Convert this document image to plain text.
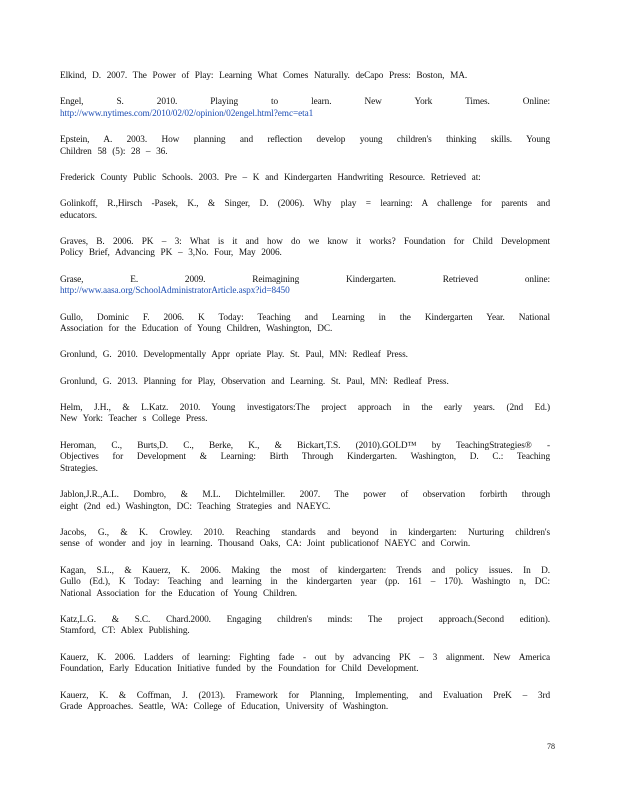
Elkind, D. 2007. The Power of Play: Learning What Comes Naturally. deCapo Press: Boston, MA.
Engel, S. 2010. Playing to learn. New York Times. Online:
http://www.nytimes.com/2010/02/02/opinion/02engel.html?emc=eta1
Epstein, A. 2003. How planning and reflection develop young children's thinking skills. Young
Children 58 (5): 28 – 36.
Frederick County Public Schools. 2003. Pre – K and Kindergarten Handwriting Resource. Retrieved at:
Golinkoff, R.,Hirsch -Pasek, K., & Singer, D. (2006). Why play = learning: A challenge for parents and
educators.
Graves, B. 2006. PK – 3: What is it and how do we know it works? Foundation for Child Development
Policy Brief, Advancing PK – 3,No. Four, May 2006.
Grase, E. 2009. Reimagining Kindergarten. Retrieved online:
http://www.aasa.org/SchoolAdministratorArticle.aspx?id=8450
Gullo, Dominic F. 2006. K Today: Teaching and Learning in the Kindergarten Year. National
Association for the Education of Young Children, Washington, DC.
Gronlund, G. 2010. Developmentally Appr opriate Play. St. Paul, MN: Redleaf Press.
Gronlund, G. 2013. Planning for Play, Observation and Learning. St. Paul, MN: Redleaf Press.
Helm, J.H., & L.Katz. 2010. Young investigators:The project approach in the early years. (2nd Ed.)
New York: Teacher s College Press.
Heroman, C., Burts,D. C., Berke, K., & Bickart,T.S. (2010).GOLD™ by TeachingStrategies® -
Objectives for Development & Learning: Birth Through Kindergarten. Washington, D. C.: Teaching
Strategies.
Jablon,J.R.,A.L. Dombro, & M.L. Dichtelmiller. 2007. The power of observation forbirth through
eight (2nd ed.) Washington, DC: Teaching Strategies and NAEYC.
Jacobs, G., & K. Crowley. 2010. Reaching standards and beyond in kindergarten: Nurturing children's
sense of wonder and joy in learning. Thousand Oaks, CA: Joint publicationof NAEYC and Corwin.
Kagan, S.L., & Kauerz, K. 2006. Making the most of kindergarten: Trends and policy issues. In D.
Gullo (Ed.), K Today: Teaching and learning in the kindergarten year (pp. 161 – 170). Washingto n, DC:
National Association for the Education of Young Children.
Katz,L.G. & S.C. Chard.2000. Engaging children's minds: The project approach.(Second edition).
Stamford, CT: Ablex Publishing.
Kauerz, K. 2006. Ladders of learning: Fighting fade - out by advancing PK – 3 alignment. New America
Foundation, Early Education Initiative funded by the Foundation for Child Development.
Kauerz, K. & Coffman, J. (2013). Framework for Planning, Implementing, and Evaluation PreK – 3rd
Grade Approaches. Seattle, WA: College of Education, University of Washington.
78
